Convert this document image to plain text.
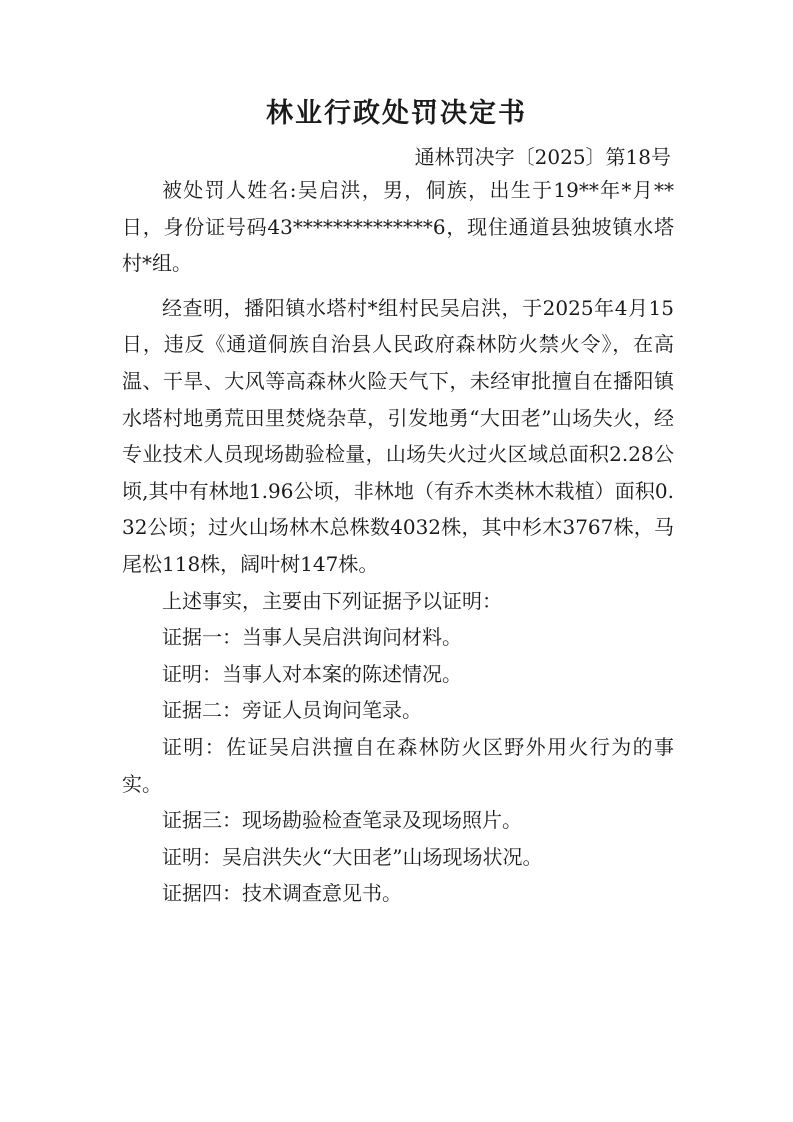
林业行政处罚决定书
通林罚决字〔2025〕第18号

被处罚人姓名:吴启洪，男，侗族，出生于19**年*月**日，身份证号码43**************6，现住通道县独坡镇水塔村*组。

经查明，播阳镇水塔村*组村民吴启洪，于2025年4月15日，违反《通道侗族自治县人民政府森林防火禁火令》，在高温、干旱、大风等高森林火险天气下，未经审批擅自在播阳镇水塔村地勇荒田里焚烧杂草，引发地勇“大田老”山场失火，经专业技术人员现场勘验检量，山场失火过火区域总面积2.28公顷,其中有林地1.96公顷，非林地（有乔木类林木栽植）面积0.32公顷；过火山场林木总株数4032株，其中杉木3767株，马尾松118株，阔叶树147株。

上述事实，主要由下列证据予以证明：

证据一：当事人吴启洪询问材料。

证明：当事人对本案的陈述情况。

证据二：旁证人员询问笔录。

证明：佐证吴启洪擅自在森林防火区野外用火行为的事实。

证据三：现场勘验检查笔录及现场照片。

证明：吴启洪失火“大田老”山场现场状况。

证据四：技术调查意见书。
